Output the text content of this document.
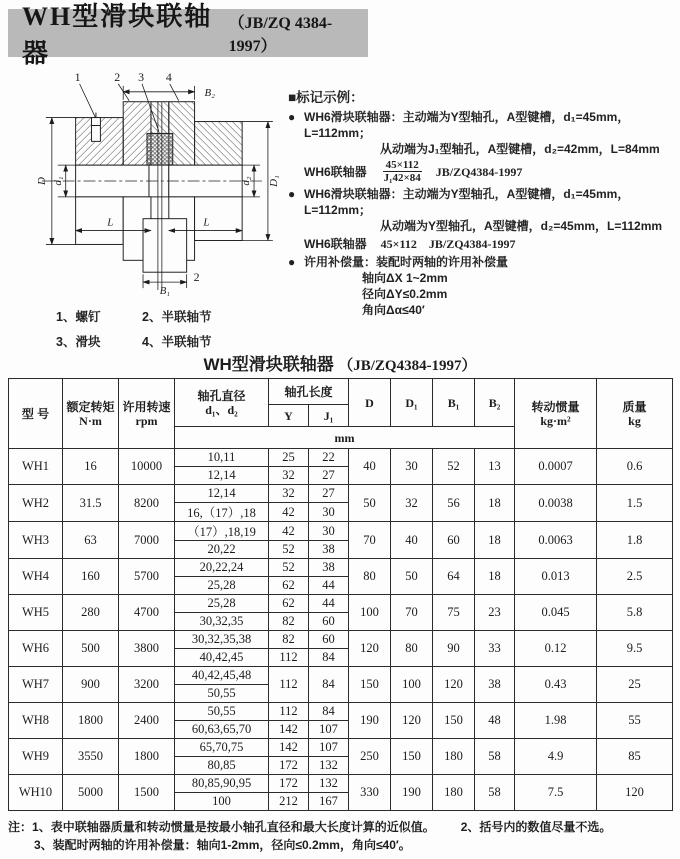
WH型滑块联轴器
（JB/ZQ 4384-1997）
1	2 3 4
B₂
D d₁
L	L
d₂ D₁
2
B₁
1、螺钉	2、半联轴节
3、滑块	4、半联轴节
■标记示例：
● WH6滑块联轴器：主动端为Y型轴孔，A型键槽，d₁=45mm，L=112mm；
从动端为J₁型轴孔，A型键槽，d₂=42mm，L=84mm
WH6联轴器 $\frac{45\times 112}{\text{J₁42×84}} JB/ZQ4384-1997$
● WH6滑块联轴器：主动端为Y型轴孔，A型键槽，d₁=45mm，L=112mm；
从动端为Y型轴孔，A型键槽，d₂=45mm，L=112mm
WH6联轴器 45×112 JB/ZQ4384-1997
● 许用补偿量：装配时两轴的许用补偿量
轴向ΔX 1~2mm
径向ΔY≤0.2mm
角向Δα≤40′
WH型滑块联轴器 （JB/ZQ4384-1997）
型 号	额定转矩
N·m

许用转速
rpm

轴孔直径
d₁、d₂
	轴孔长度	D	D₁	B₁	B₂	转动惯量
kg·m²

质量
kg

				Y	J₁						
			mm								
WH1	16	10000	10,11	25	22	40	30	52	13	0.0007	0.6
			12,14	32	27						
WH2	31.5	8200	12,14	32	27	50	32	56	18	0.0038	1.5
			16,（17）,18	42	30						
WH3	63	7000	（17）,18,19	42	30	70	40	60	18	0.0063	1.8
			20,22	52	38						
WH4	160	5700	20,22,24	52	38	80	50	64	18	0.013	2.5
			25,28	62	44						
WH5	280	4700	25,28	62	44	100	70	75	23	0.045	5.8
			30,32,35	82	60						
WH6	500	3800	30,32,35,38	82	60	120	80	90	33	0.12	9.5
			40,42,45	112	84						
WH7	900	3200	40,42,45,48	112	84	150	100	120	38	0.43	25
			50,55								
WH8	1800	2400	50,55	112	84	190	120	150	48	1.98	55
			60,63,65,70	142	107						
WH9	3550	1800	65,70,75	142	107	250	150	180	58	4.9	85
			80,85	172	132						
WH10	5000	1500	80,85,90,95	172	132	330	190	180	58	7.5	120
			100	212	167						
注：1、表中联轴器质量和转动惯量是按最小轴孔直径和最大长度计算的近似值。 2、括号内的数值尽量不选。
3、装配时两轴的许用补偿量：轴向1-2mm，径向≤0.2mm，角向≤40′。
